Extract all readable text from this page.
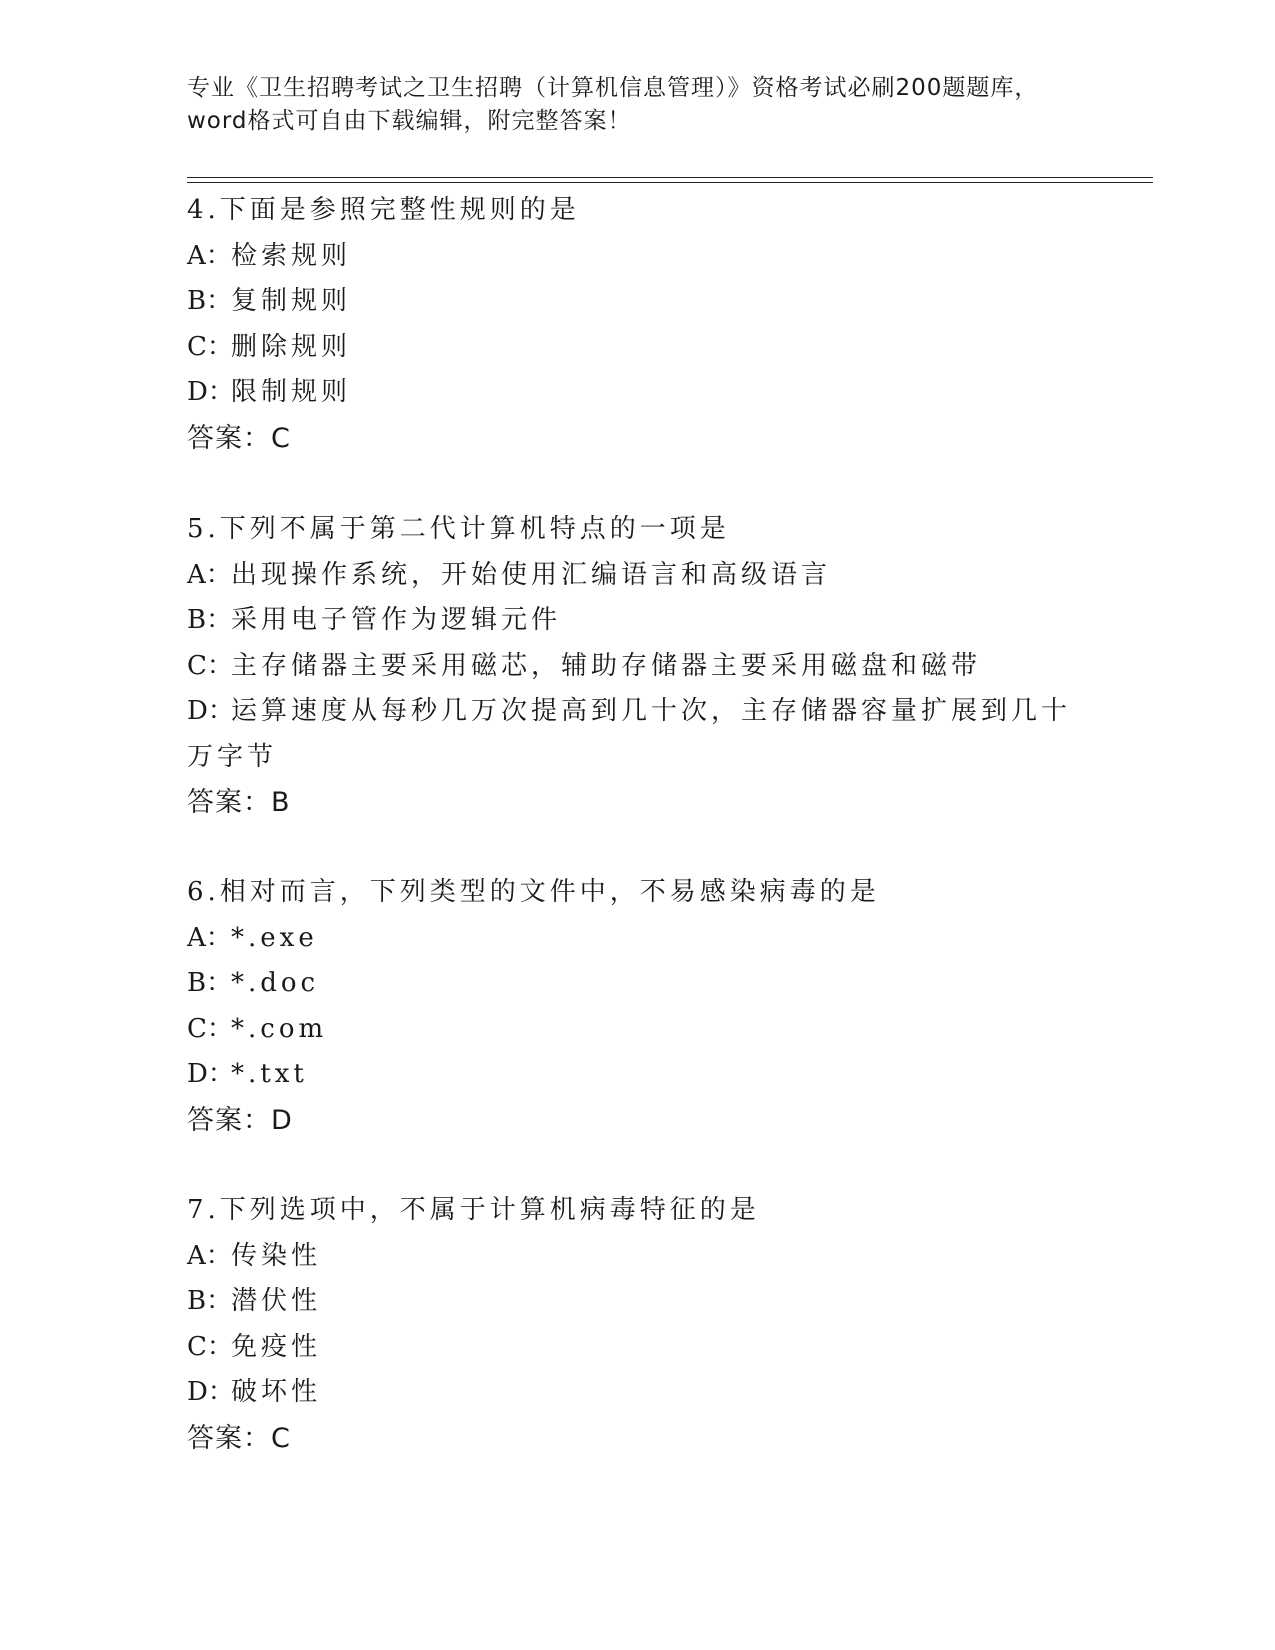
专业《卫生招聘考试之卫生招聘（计算机信息管理）》资格考试必刷200题题库，
word格式可自由下载编辑，附完整答案！
4.下面是参照完整性规则的是
A：检索规则
B：复制规则
C：删除规则
D：限制规则
答案：C
5.下列不属于第二代计算机特点的一项是
A：出现操作系统，开始使用汇编语言和高级语言
B：采用电子管作为逻辑元件
C：主存储器主要采用磁芯，辅助存储器主要采用磁盘和磁带
D：运算速度从每秒几万次提高到几十次，主存储器容量扩展到几十万字节
答案：B
6.相对而言，下列类型的文件中，不易感染病毒的是
A：*.exe
B：*.doc
C：*.com
D：*.txt
答案：D
7.下列选项中，不属于计算机病毒特征的是
A：传染性
B：潜伏性
C：免疫性
D：破坏性
答案：C
